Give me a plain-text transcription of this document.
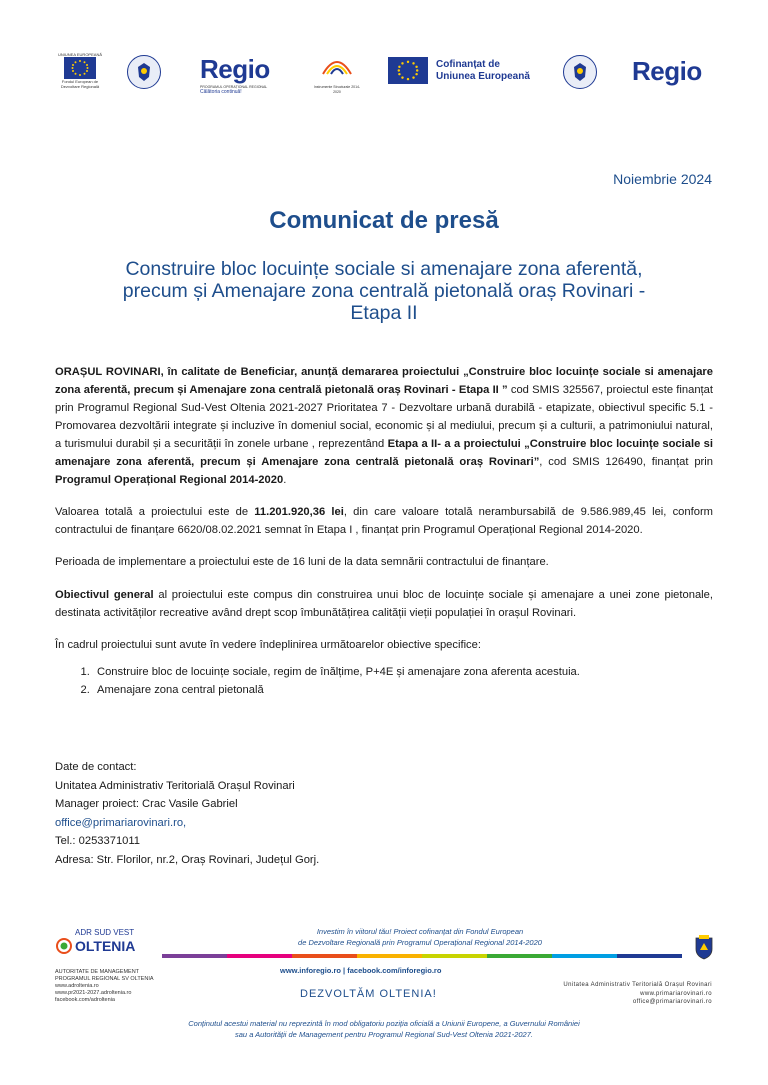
UNIUNEA EUROPEANĂ
Fondul European de Dezvoltare Regională
Regio
PROGRAMUL OPERAȚIONAL REGIONAL
Călătoria continuă!
Instrumente Structurale 2014-2020
Cofinanțat de
Uniunea Europeană	Regio
Noiembrie 2024
Comunicat de presă
Construire bloc locuințe sociale si amenajare zona aferentă,
precum și Amenajare zona centrală pietonală oraș Rovinari -
Etapa II
ORAȘUL ROVINARI, în calitate de Beneficiar, anunță demararea proiectului „Construire bloc locuințe sociale si amenajare zona aferentă, precum și Amenajare zona centrală pietonală oraș Rovinari - Etapa II ” cod SMIS 325567, proiectul este finanțat prin Programul Regional Sud-Vest Oltenia 2021-2027 Prioritatea 7 - Dezvoltare urbană durabilă - etapizate, obiectivul specific 5.1 - Promovarea dezvoltării integrate și incluzive în domeniul social, economic și al mediului, precum și a culturii, a patrimoniului natural, a turismului durabil și a securității în zonele urbane , reprezentând Etapa a II- a a proiectului „Construire bloc locuințe sociale si amenajare zona aferentă, precum și Amenajare zona centrală pietonală oraș Rovinari”, cod SMIS 126490, finanțat prin Programul Operațional Regional 2014-2020.
Valoarea totală a proiectului este de 11.201.920,36 lei, din care valoare totală nerambursabilă de 9.586.989,45 lei, conform contractului de finanțare 6620/08.02.2021 semnat în Etapa I , finanțat prin Programul Operațional Regional 2014-2020.
Perioada de implementare a proiectului este de 16 luni de la data semnării contractului de finanțare.
Obiectivul general al proiectului este compus din construirea unui bloc de locuințe sociale și amenajare a unei zone pietonale, destinata activităților recreative având drept scop îmbunătățirea calității vieții populației în orașul Rovinari.
În cadrul proiectului sunt avute în vedere îndeplinirea următoarelor obiective specifice:
1. Construire bloc de locuințe sociale, regim de înălțime, P+4E și amenajare zona aferenta acestuia.
2. Amenajare zona central pietonală
Date de contact:
Unitatea Administrativ Teritorială Orașul Rovinari
Manager proiect: Crac Vasile Gabriel
office@primariarovinari.ro,
Tel.: 0253371011
Adresa: Str. Florilor, nr.2, Oraș Rovinari, Județul Gorj.
ADR SUD VEST
OLTENIA
AUTORITATE DE MANAGEMENT
PROGRAMUL REGIONAL SV OLTENIA
www.adroltenia.ro
www.pr2021-2027.adroltenia.ro
facebook.com/adroltenia
Investim în viitorul tău! Proiect cofinanțat din Fondul European
de Dezvoltare Regională prin Programul Operațional Regional 2014-2020
www.inforegio.ro | facebook.com/inforegio.ro
DEZVOLTĂM OLTENIA!
Unitatea Administrativ Teritorială Orașul Rovinari
www.primariarovinari.ro
office@primariarovinari.ro
Conținutul acestui material nu reprezintă în mod obligatoriu poziția oficială a Uniunii Europene, a Guvernului României
sau a Autorității de Management pentru Programul Regional Sud-Vest Oltenia 2021-2027.
